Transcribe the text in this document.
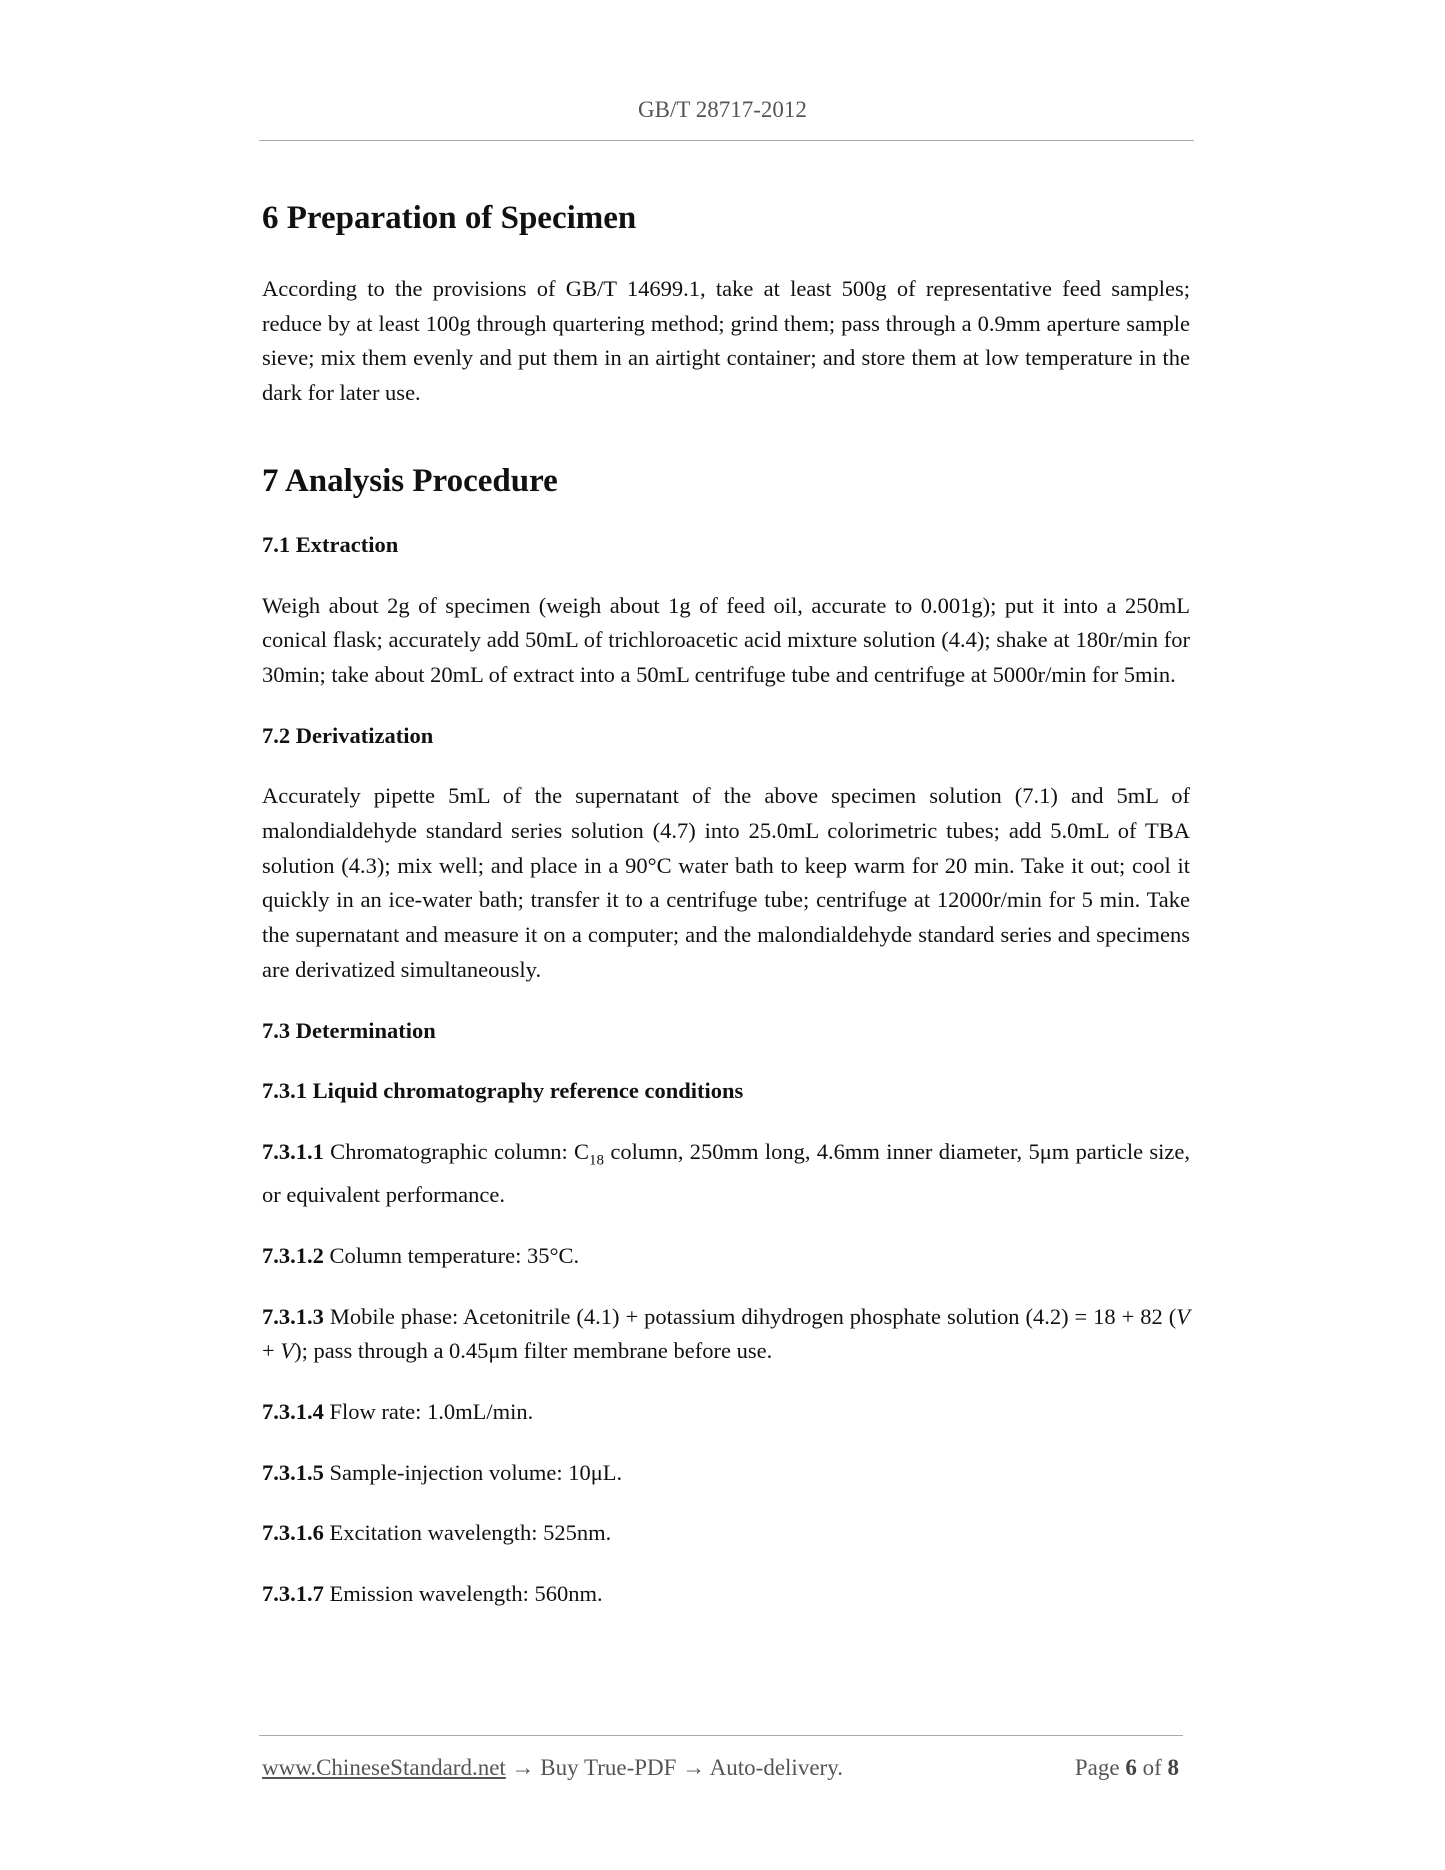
GB/T 28717-2012
6 Preparation of Specimen

According to the provisions of GB/T 14699.1, take at least 500g of representative feed samples; reduce by at least 100g through quartering method; grind them; pass through a 0.9mm aperture sample sieve; mix them evenly and put them in an airtight container; and store them at low temperature in the dark for later use.

7 Analysis Procedure
7.1 Extraction

Weigh about 2g of specimen (weigh about 1g of feed oil, accurate to 0.001g); put it into a 250mL conical flask; accurately add 50mL of trichloroacetic acid mixture solution (4.4); shake at 180r/min for 30min; take about 20mL of extract into a 50mL centrifuge tube and centrifuge at 5000r/min for 5min.

7.2 Derivatization

Accurately pipette 5mL of the supernatant of the above specimen solution (7.1) and 5mL of malondialdehyde standard series solution (4.7) into 25.0mL colorimetric tubes; add 5.0mL of TBA solution (4.3); mix well; and place in a 90°C water bath to keep warm for 20 min. Take it out; cool it quickly in an ice-water bath; transfer it to a centrifuge tube; centrifuge at 12000r/min for 5 min. Take the supernatant and measure it on a computer; and the malondialdehyde standard series and specimens are derivatized simultaneously.

7.3 Determination
7.3.1 Liquid chromatography reference conditions

7.3.1.1 Chromatographic column: $C_{18}$ column, 250mm long, 4.6mm inner diameter, 5μm particle size, or equivalent performance.

7.3.1.2 Column temperature: 35°C.

7.3.1.3 Mobile phase: Acetonitrile (4.1) + potassium dihydrogen phosphate solution (4.2) = 18 + 82 (V + V); pass through a 0.45μm filter membrane before use.

7.3.1.4 Flow rate: 1.0mL/min.

7.3.1.5 Sample-injection volume: 10μL.

7.3.1.6 Excitation wavelength: 525nm.

7.3.1.7 Emission wavelength: 560nm.

www.ChineseStandard.net → Buy True-PDF → Auto-delivery.	Page 6 of 8
